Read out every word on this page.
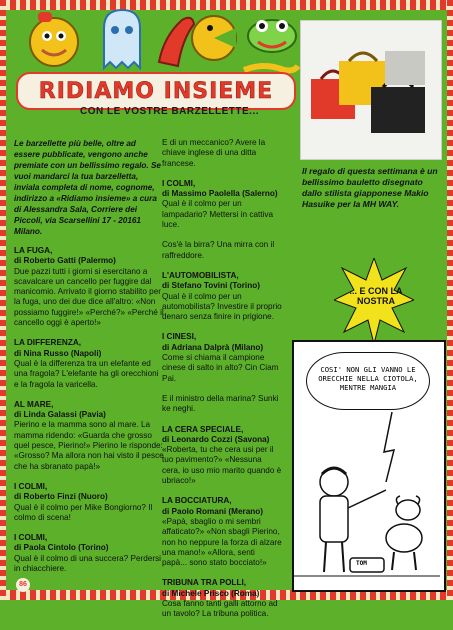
RIDIAMO INSIEME
CON LE VOSTRE BARZELLETTE...
Le barzellette più belle, oltre ad essere pubblicate, vengono anche premiate con un bellissimo regalo. Se vuoi mandarci la tua barzelletta, inviala completa di nome, cognome, indirizzo a «Ridiamo insieme» a cura di Alessandra Sala, Corriere dei Piccoli, via Scarsellini 17 - 20161 Milano.
LA FUGA,
di Roberto Gatti (Palermo)
Due pazzi tutti i giorni si esercitano a scavalcare un cancello per fuggire dal manicomio. Arrivato il giorno stabilito per la fuga, uno dei due dice all'altro: «Non possiamo fuggire!» «Perché?» «Perché il cancello oggi è aperto!»
LA DIFFERENZA,
di Nina Russo (Napoli)
Qual è la differenza tra un elefante ed una fragola? L'elefante ha gli orecchioni e la fragola la varicella.
AL MARE,
di Linda Galassi (Pavia)
Pierino e la mamma sono al mare. La mamma ridendo: «Guarda che grosso quel pesce, Pierino!» Pierino le risponde: «Grosso? Ma allora non hai visto il pesce che ha sbranato papà!»
I COLMI,
di Roberto Finzi (Nuoro)
Qual è il colmo per Mike Bongiorno? Il colmo di scena!
I COLMI,
di Paola Cintolo (Torino)
Qual è il colmo di una succera? Perdersi in chiacchiere.
E di un meccanico? Avere la chiave inglese di una ditta francese.
I COLMI,
di Massimo Paolella (Salerno)
Qual è il colmo per un lampadario? Mettersi in cattiva luce.
Cos'è la birra? Una mirra con il raffreddore.
L'AUTOMOBILISTA,
di Stefano Tovini (Torino)
Qual è il colmo per un automobilista? Investire il proprio denaro senza finire in prigione.
I CINESI,
di Adriana Dalprà (Milano)
Come si chiama il campione cinese di salto in alto? Cin Ciam Pai.
E il ministro della marina? Sunki ke neghi.
LA CERA SPECIALE,
di Leonardo Cozzi (Savona)
«Roberta, tu che cera usi per il tuo pavimento?» «Nessuna cera, io uso mio marito quando è ubriaco!»
LA BOCCIATURA,
di Paolo Romani (Merano)
«Papà, sbaglio o mi sembri affaticato?» «Non sbagli Pierino, non ho neppure la forza di alzare una mano!» «Allora, senti papà... sono stato bocciato!»
TRIBUNA TRA POLLI,
di Michele Prisco (Roma)
Cosa fanno tanti galli attorno ad un tavolo? La tribuna politica.
Il regalo di questa settimana è un bellissimo bauletto disegnato dallo stilista giapponese Makio Hasuike per la MH WAY.
... E CON LA NOSTRA
COSI' NON GLI VANNO LE ORECCHIE NELLA CIOTOLA, MENTRE MANGIA
TOM
86
